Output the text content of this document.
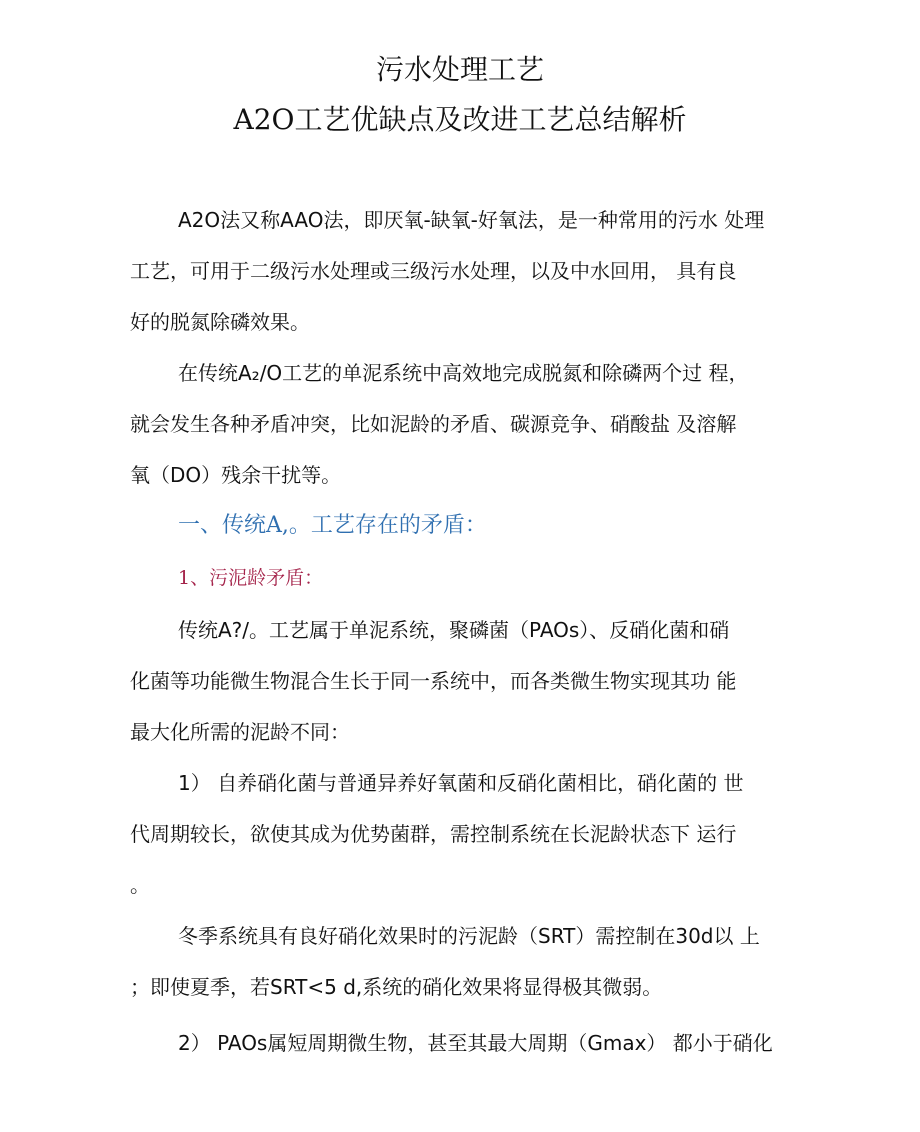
污水处理工艺
A2O工艺优缺点及改进工艺总结解析
A2O法又称AAO法，即厌氧-缺氧-好氧法，是一种常用的污水 处理
工艺，可用于二级污水处理或三级污水处理，以及中水回用， 具有良
好的脱氮除磷效果。
在传统A₂/O工艺的单泥系统中高效地完成脱氮和除磷两个过 程，
就会发生各种矛盾冲突，比如泥龄的矛盾、碳源竞争、硝酸盐 及溶解
氧（DO）残余干扰等。
一、传统A,。工艺存在的矛盾：
1、污泥龄矛盾：
传统A?/。工艺属于单泥系统，聚磷菌（PAOs）、反硝化菌和硝
化菌等功能微生物混合生长于同一系统中，而各类微生物实现其功 能
最大化所需的泥龄不同：
1） 自养硝化菌与普通异养好氧菌和反硝化菌相比，硝化菌的 世
代周期较长，欲使其成为优势菌群，需控制系统在长泥龄状态下 运行
。
冬季系统具有良好硝化效果时的污泥龄（SRT）需控制在30d以 上
；即使夏季，若SRT<5 d,系统的硝化效果将显得极其微弱。
2） PAOs属短周期微生物，甚至其最大周期（Gmax） 都小于硝化
